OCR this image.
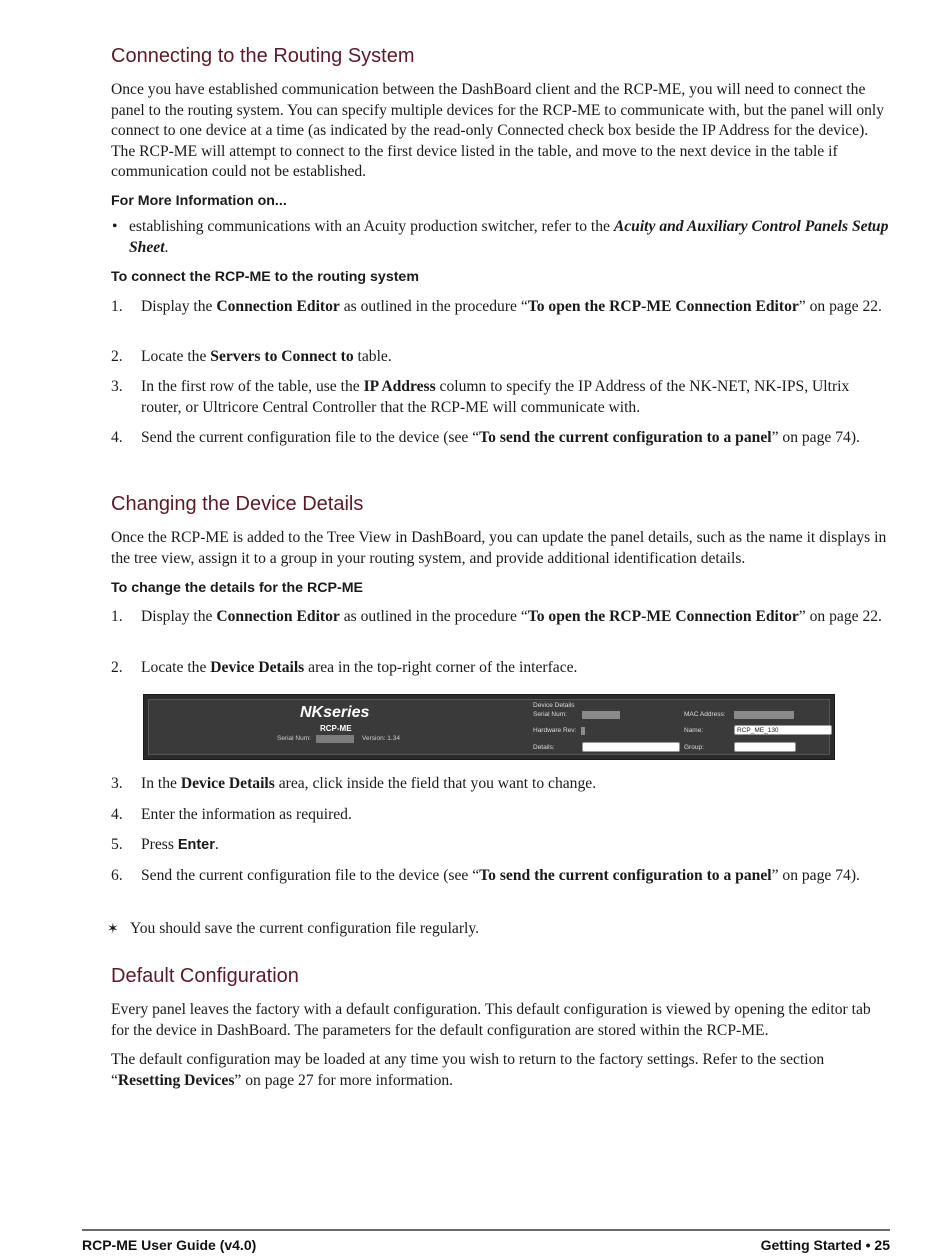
Connecting to the Routing System

Once you have established communication between the DashBoard client and the RCP-ME, you will need to connect the panel to the routing system. You can specify multiple devices for the RCP-ME to communicate with, but the panel will only connect to one device at a time (as indicated by the read-only Connected check box beside the IP Address for the device). The RCP-ME will attempt to connect to the first device listed in the table, and move to the next device in the table if communication could not be established.

For More Information on...

• establishing communications with an Acuity production switcher, refer to the Acuity and Auxiliary Control Panels Setup Sheet.

To connect the RCP-ME to the routing system

1. Display the Connection Editor as outlined in the procedure “To open the RCP-ME Connection Editor” on page 22.
2. Locate the Servers to Connect to table.
3. In the first row of the table, use the IP Address column to specify the IP Address of the NK-NET, NK-IPS, Ultrix router, or Ultricore Central Controller that the RCP-ME will communicate with.
4. Send the current configuration file to the device (see “To send the current configuration to a panel” on page 74).
Changing the Device Details

Once the RCP-ME is added to the Tree View in DashBoard, you can update the panel details, such as the name it displays in the tree view, assign it to a group in your routing system, and provide additional identification details.

To change the details for the RCP-ME

1. Display the Connection Editor as outlined in the procedure “To open the RCP-ME Connection Editor” on page 22.
2. Locate the Device Details area in the top-right corner of the interface.
3. In the Device Details area, click inside the field that you want to change.
4. Enter the information as required.
5. Press Enter.
6. Send the current configuration file to the device (see “To send the current configuration to a panel” on page 74).
✶ You should save the current configuration file regularly.
Default Configuration

Every panel leaves the factory with a default configuration. This default configuration is viewed by opening the editor tab for the device in DashBoard. The parameters for the default configuration are stored within the RCP-ME.

The default configuration may be loaded at any time you wish to return to the factory settings. Refer to the section “Resetting Devices” on page 27 for more information.

NKseries
RCP-ME
Serial Num:	Version: 1.34
Device Details
Serial Num:
Hardware Rev:
Details:
MAC Address:
Name:	RCP_ME_130
Group:
RCP-ME User Guide (v4.0)	Getting Started • 25
